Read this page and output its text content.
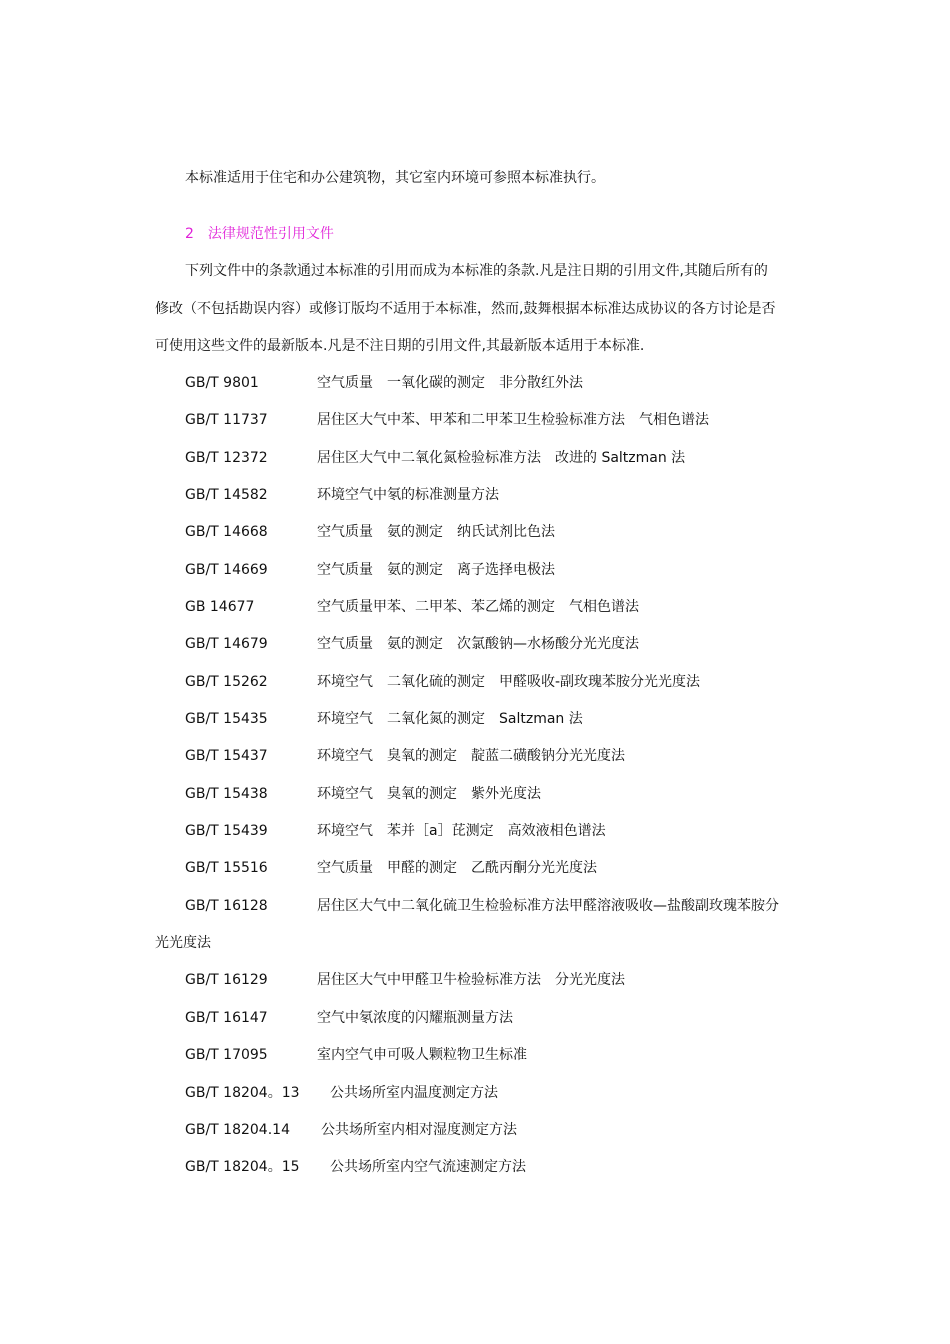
本标准适用于住宅和办公建筑物，其它室内环境可参照本标准执行。
2　法律规范性引用文件
下列文件中的条款通过本标准的引用而成为本标准的条款.凡是注日期的引用文件,其随后所有的
修改（不包括勘误内容）或修订版均不适用于本标准，然而,鼓舞根据本标准达成协议的各方讨论是否
可使用这些文件的最新版本.凡是不注日期的引用文件,其最新版本适用于本标准.
GB/T 9801	空气质量　一氧化碳的测定　非分散红外法
GB/T 11737	居住区大气中苯、甲苯和二甲苯卫生检验标准方法　气相色谱法
GB/T 12372	居住区大气中二氧化氮检验标准方法　改进的 Saltzman 法
GB/T 14582	环境空气中氡的标准测量方法
GB/T 14668	空气质量　氨的测定　纳氏试剂比色法
GB/T 14669	空气质量　氨的测定　离子选择电极法
GB 14677	空气质量甲苯、二甲苯、苯乙烯的测定　气相色谱法
GB/T 14679	空气质量　氨的测定　次氯酸钠—水杨酸分光光度法
GB/T 15262	环境空气　二氧化硫的测定　甲醛吸收-副玫瑰苯胺分光光度法
GB/T 15435	环境空气　二氧化氮的测定　Saltzman 法
GB/T 15437	环境空气　臭氧的测定　靛蓝二磺酸钠分光光度法
GB/T 15438	环境空气　臭氧的测定　紫外光度法
GB/T 15439	环境空气　苯并［a］芘测定　高效液相色谱法
GB/T 15516	空气质量　甲醛的测定　乙酰丙酮分光光度法
GB/T 16128	居住区大气中二氧化硫卫生检验标准方法甲醛溶液吸收—盐酸副玫瑰苯胺分
光光度法
GB/T 16129	居住区大气中甲醛卫牛检验标准方法　分光光度法
GB/T 16147	空气中氡浓度的闪耀瓶测量方法
GB/T 17095	室内空气申可吸人颗粒物卫生标准
GB/T 18204。13 公共场所室内温度测定方法
GB/T 18204.14 公共场所室内相对湿度测定方法
GB/T 18204。15 公共场所室内空气流速测定方法
